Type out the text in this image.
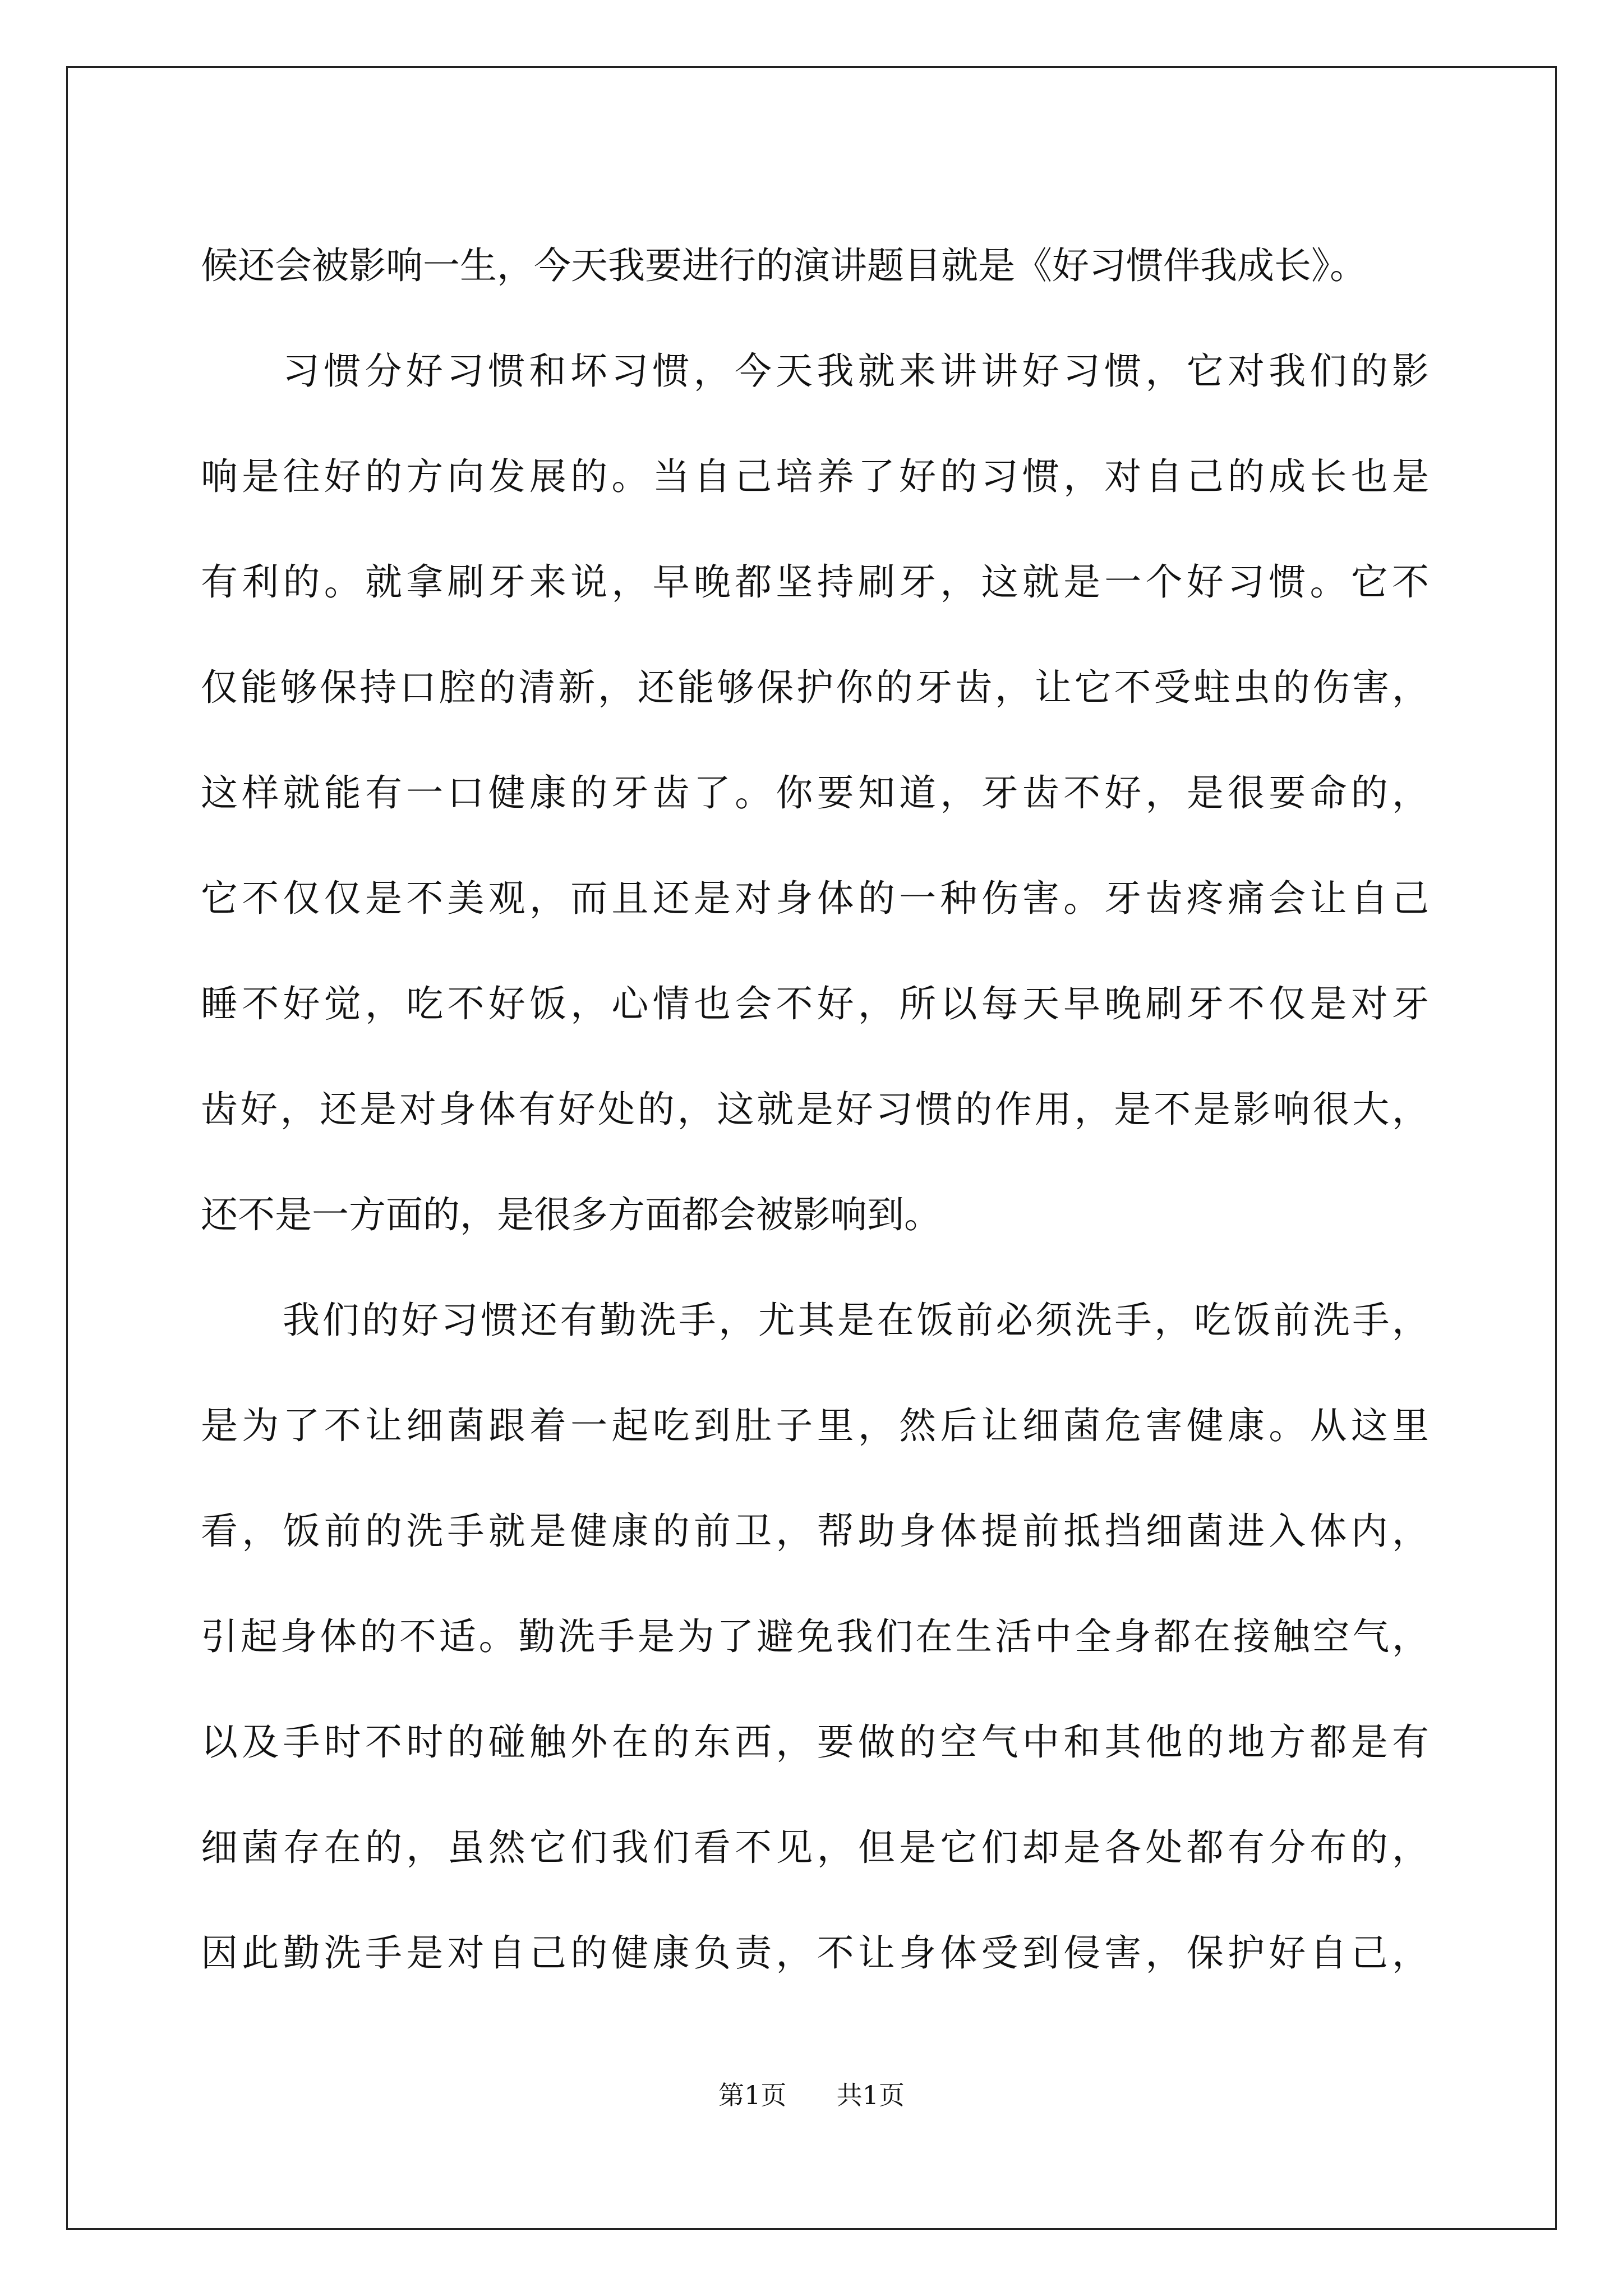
候还会被影响一生，今天我要进行的演讲题目就是《好习惯伴我成长》。
习惯分好习惯和坏习惯，今天我就来讲讲好习惯，它对我们的影
响是往好的方向发展的。当自己培养了好的习惯，对自己的成长也是
有利的。就拿刷牙来说，早晚都坚持刷牙，这就是一个好习惯。它不
仅能够保持口腔的清新，还能够保护你的牙齿，让它不受蛀虫的伤害，
这样就能有一口健康的牙齿了。你要知道，牙齿不好，是很要命的，
它不仅仅是不美观，而且还是对身体的一种伤害。牙齿疼痛会让自己
睡不好觉，吃不好饭，心情也会不好，所以每天早晚刷牙不仅是对牙
齿好，还是对身体有好处的，这就是好习惯的作用，是不是影响很大，
还不是一方面的，是很多方面都会被影响到。
我们的好习惯还有勤洗手，尤其是在饭前必须洗手，吃饭前洗手，
是为了不让细菌跟着一起吃到肚子里，然后让细菌危害健康。从这里
看，饭前的洗手就是健康的前卫，帮助身体提前抵挡细菌进入体内，
引起身体的不适。勤洗手是为了避免我们在生活中全身都在接触空气，
以及手时不时的碰触外在的东西，要做的空气中和其他的地方都是有
细菌存在的，虽然它们我们看不见，但是它们却是各处都有分布的，
因此勤洗手是对自己的健康负责，不让身体受到侵害，保护好自己，
第1页 共1页
